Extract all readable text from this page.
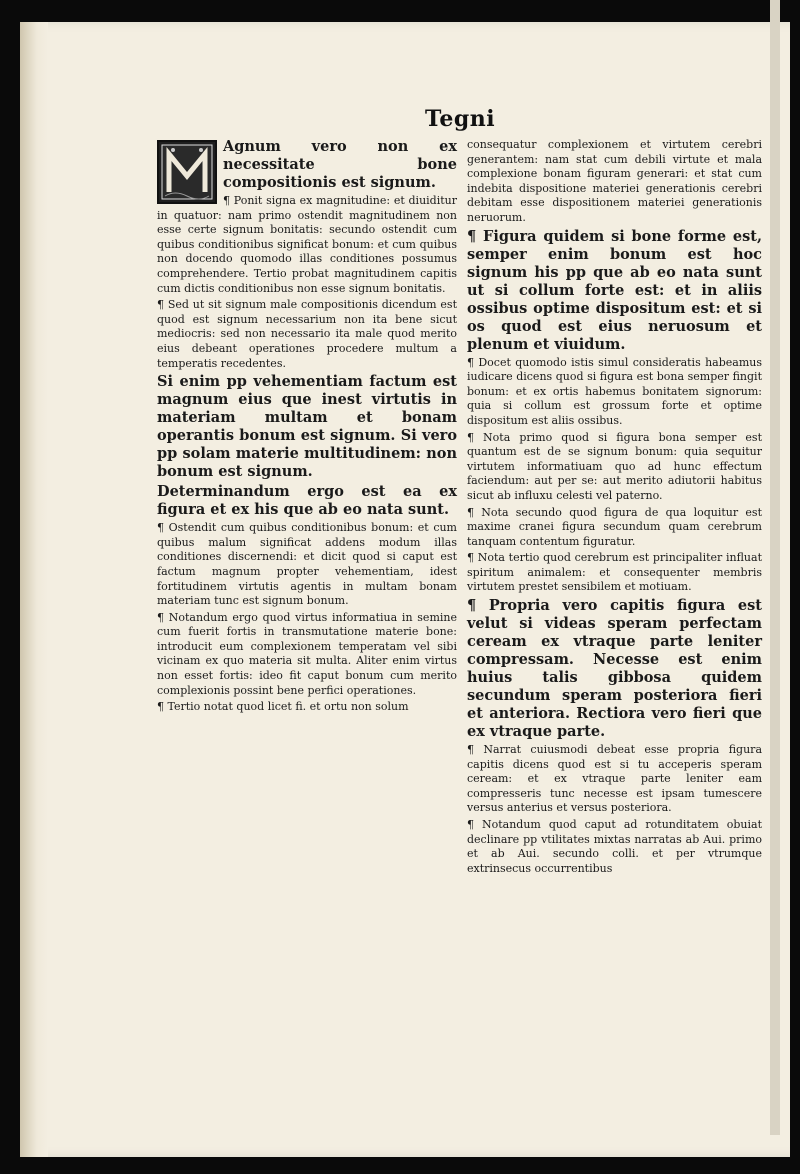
Tegni

Agnum vero non ex necessitate bone compositionis est signum.

¶ Ponit signa ex magnitudine: et diuiditur in quatuor: nam primo ostendit magnitudinem non esse certe signum bonitatis: secundo ostendit cum quibus conditionibus significat bonum: et cum quibus non docendo quomodo illas conditiones possumus comprehendere. Tertio probat magnitudinem capitis cum dictis conditionibus non esse signum bonitatis.

¶ Sed ut sit signum male compositionis dicendum est quod est signum necessarium non ita bene sicut mediocris: sed non necessario ita male quod merito eius debeant operationes procedere multum a temperatis recedentes.

Si enim pp vehementiam factum est magnum eius que inest virtutis in materiam multam et bonam operantis bonum est signum. Si vero pp solam materie multitudinem: non bonum est signum.

Determinandum ergo est ea ex figura et ex his que ab eo nata sunt.

¶ Ostendit cum quibus conditionibus bonum: et cum quibus malum significat addens modum illas conditiones discernendi: et dicit quod si caput est factum magnum propter vehementiam, idest fortitudinem virtutis agentis in multam bonam materiam tunc est signum bonum.

¶ Notandum ergo quod virtus informatiua in semine cum fuerit fortis in transmutatione materie bone: introducit eum complexionem temperatam vel sibi vicinam ex quo materia sit multa. Aliter enim virtus non esset fortis: ideo fit caput bonum cum merito complexionis possint bene perfici operationes.

¶ Tertio notat quod licet fi. et ortu non solum

consequatur complexionem et virtutem cerebri generantem: nam stat cum debili virtute et mala complexione bonam figuram generari: et stat cum indebita dispositione materiei generationis cerebri debitam esse dispositionem materiei generationis neruorum.

¶ Figura quidem si bone forme est, semper enim bonum est hoc signum his pp que ab eo nata sunt ut si collum forte est: et in aliis ossibus optime dispositum est: et si os quod est eius neruosum et plenum et viuidum.

¶ Docet quomodo istis simul consideratis habeamus iudicare dicens quod si figura est bona semper fingit bonum: et ex ortis habemus bonitatem signorum: quia si collum est grossum forte et optime dispositum est aliis ossibus.

¶ Nota primo quod si figura bona semper est quantum est de se signum bonum: quia sequitur virtutem informatiuam quo ad hunc effectum faciendum: aut per se: aut merito adiutorii habitus sicut ab influxu celesti vel paterno.

¶ Nota secundo quod figura de qua loquitur est maxime cranei figura secundum quam cerebrum tanquam contentum figuratur.

¶ Nota tertio quod cerebrum est principaliter influat spiritum animalem: et consequenter membris virtutem prestet sensibilem et motiuam.

¶ Propria vero capitis figura est velut si videas speram perfectam ceream ex vtraque parte leniter compressam. Necesse est enim huius talis gibbosa quidem secundum speram posteriora fieri et anteriora. Rectiora vero fieri que ex vtraque parte.

¶ Narrat cuiusmodi debeat esse propria figura capitis dicens quod est si tu acceperis speram ceream: et ex vtraque parte leniter eam compresseris tunc necesse est ipsam tumescere versus anterius et versus posteriora.

¶ Notandum quod caput ad rotunditatem obuiat declinare pp vtilitates mixtas narratas ab Aui. primo et ab Aui. secundo colli. et per vtrumque extrinsecus occurrentibus
